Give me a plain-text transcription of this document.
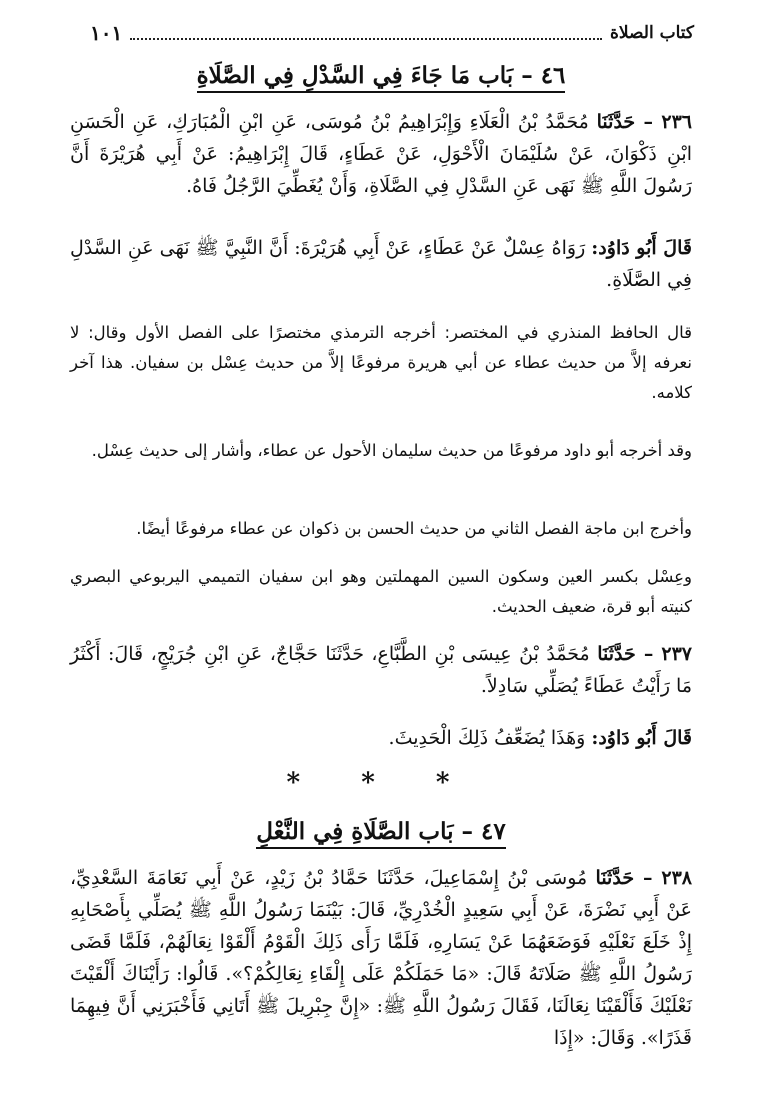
كتاب الصلاة
١٠١
٤٦ – بَاب مَا جَاءَ فِي السَّدْلِ فِي الصَّلَاةِ

٢٣٦ – حَدَّثَنَا مُحَمَّدُ بْنُ الْعَلَاءِ وَإِبْرَاهِيمُ بْنُ مُوسَى، عَنِ ابْنِ الْمُبَارَكِ، عَنِ الْحَسَنِ ابْنِ ذَكْوَانَ، عَنْ سُلَيْمَانَ الْأَحْوَلِ، عَنْ عَطَاءٍ، قَالَ إِبْرَاهِيمُ: عَنْ أَبِي هُرَيْرَةَ أَنَّ رَسُولَ اللَّهِ ﷺ نَهَى عَنِ السَّدْلِ فِي الصَّلَاةِ، وَأَنْ يُغَطِّيَ الرَّجُلُ فَاهُ.

قَالَ أَبُو دَاوُد: رَوَاهُ عِسْلٌ عَنْ عَطَاءٍ، عَنْ أَبِي هُرَيْرَةَ: أَنَّ النَّبِيَّ ﷺ نَهَى عَنِ السَّدْلِ فِي الصَّلَاةِ.

قال الحافظ المنذري في المختصر: أخرجه الترمذي مختصرًا على الفصل الأول وقال: لا نعرفه إلاَّ من حديث عطاء عن أبي هريرة مرفوعًا إلاَّ من حديث عِسْل بن سفيان. هذا آخر كلامه.

وقد أخرجه أبو داود مرفوعًا من حديث سليمان الأحول عن عطاء، وأشار إلى حديث عِسْل.

وأخرج ابن ماجة الفصل الثاني من حديث الحسن بن ذكوان عن عطاء مرفوعًا أيضًا.

وعِسْل بكسر العين وسكون السين المهملتين وهو ابن سفيان التميمي اليربوعي البصري كنيته أبو قرة، ضعيف الحديث.

٢٣٧ – حَدَّثَنَا مُحَمَّدُ بْنُ عِيسَى بْنِ الطَّبَّاعِ، حَدَّثَنَا حَجَّاجٌ، عَنِ ابْنِ جُرَيْجٍ، قَالَ: أَكْثَرُ مَا رَأَيْتُ عَطَاءً يُصَلِّي سَادِلاً.

قَالَ أَبُو دَاوُد: وَهَذَا يُضَعِّفُ ذَلِكَ الْحَدِيثَ.

* * *
٤٧ – بَاب الصَّلَاةِ فِي النَّعْلِ

٢٣٨ – حَدَّثَنَا مُوسَى بْنُ إِسْمَاعِيلَ، حَدَّثَنَا حَمَّادُ بْنُ زَيْدٍ، عَنْ أَبِي نَعَامَةَ السَّعْدِيِّ، عَنْ أَبِي نَضْرَةَ، عَنْ أَبِي سَعِيدٍ الْخُدْرِيِّ، قَالَ: بَيْنَمَا رَسُولُ اللَّهِ ﷺ يُصَلِّي بِأَصْحَابِهِ إِذْ خَلَعَ نَعْلَيْهِ فَوَضَعَهُمَا عَنْ يَسَارِهِ، فَلَمَّا رَأَى ذَلِكَ الْقَوْمُ أَلْقَوْا نِعَالَهُمْ، فَلَمَّا قَضَى رَسُولُ اللَّهِ ﷺ صَلَاتَهُ قَالَ: «مَا حَمَلَكُمْ عَلَى إِلْقَاءِ نِعَالِكُمْ؟». قَالُوا: رَأَيْنَاكَ أَلْقَيْتَ نَعْلَيْكَ فَأَلْقَيْنَا نِعَالَنَا، فَقَالَ رَسُولُ اللَّهِ ﷺ: «إِنَّ جِبْرِيلَ ﷺ أَتَانِي فَأَخْبَرَنِي أَنَّ فِيهِمَا قَذَرًا». وَقَالَ: «إِذَا
